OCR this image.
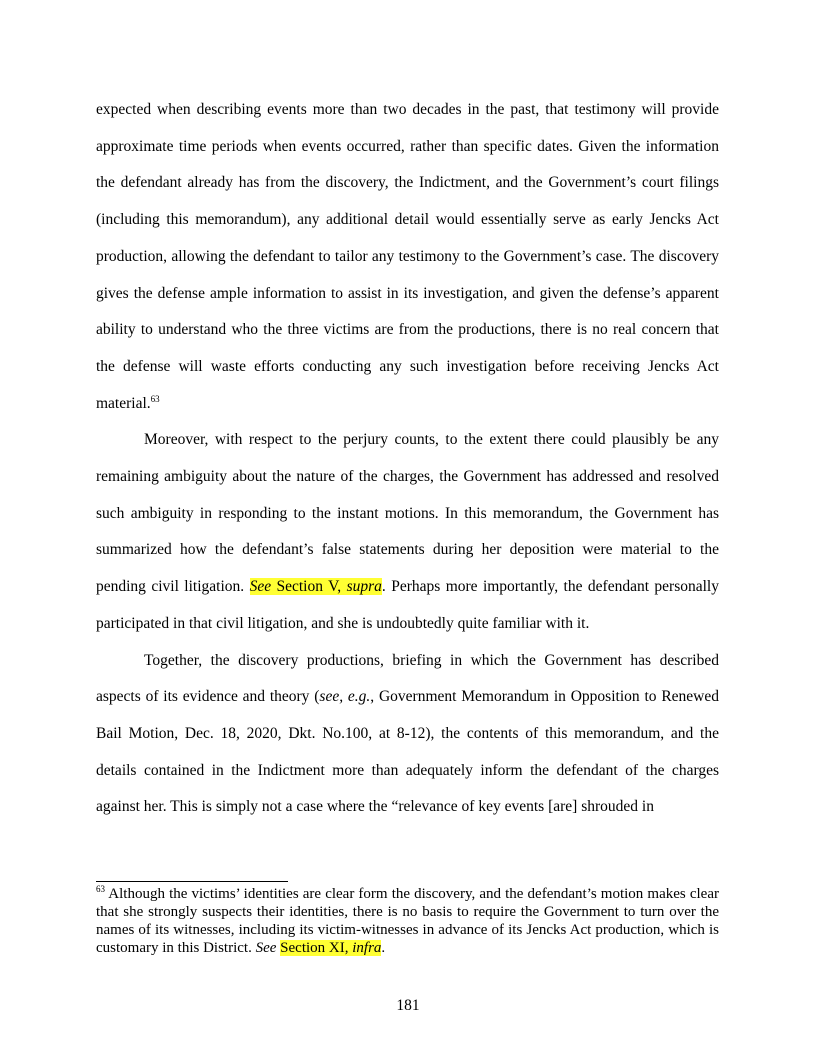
expected when describing events more than two decades in the past, that testimony will provide approximate time periods when events occurred, rather than specific dates. Given the information the defendant already has from the discovery, the Indictment, and the Government’s court filings (including this memorandum), any additional detail would essentially serve as early Jencks Act production, allowing the defendant to tailor any testimony to the Government’s case. The discovery gives the defense ample information to assist in its investigation, and given the defense’s apparent ability to understand who the three victims are from the productions, there is no real concern that the defense will waste efforts conducting any such investigation before receiving Jencks Act material.$^{63}$

Moreover, with respect to the perjury counts, to the extent there could plausibly be any remaining ambiguity about the nature of the charges, the Government has addressed and resolved such ambiguity in responding to the instant motions. In this memorandum, the Government has summarized how the defendant’s false statements during her deposition were material to the pending civil litigation. See Section V, supra. Perhaps more importantly, the defendant personally participated in that civil litigation, and she is undoubtedly quite familiar with it.

Together, the discovery productions, briefing in which the Government has described aspects of its evidence and theory (see, e.g., Government Memorandum in Opposition to Renewed Bail Motion, Dec. 18, 2020, Dkt. No.100, at 8-12), the contents of this memorandum, and the details contained in the Indictment more than adequately inform the defendant of the charges against her. This is simply not a case where the “relevance of key events [are] shrouded in

$^{63}$ Although the victims’ identities are clear form the discovery, and the defendant’s motion makes clear that she strongly suspects their identities, there is no basis to require the Government to turn over the names of its witnesses, including its victim-witnesses in advance of its Jencks Act production, which is customary in this District. See Section XI, infra.

181
